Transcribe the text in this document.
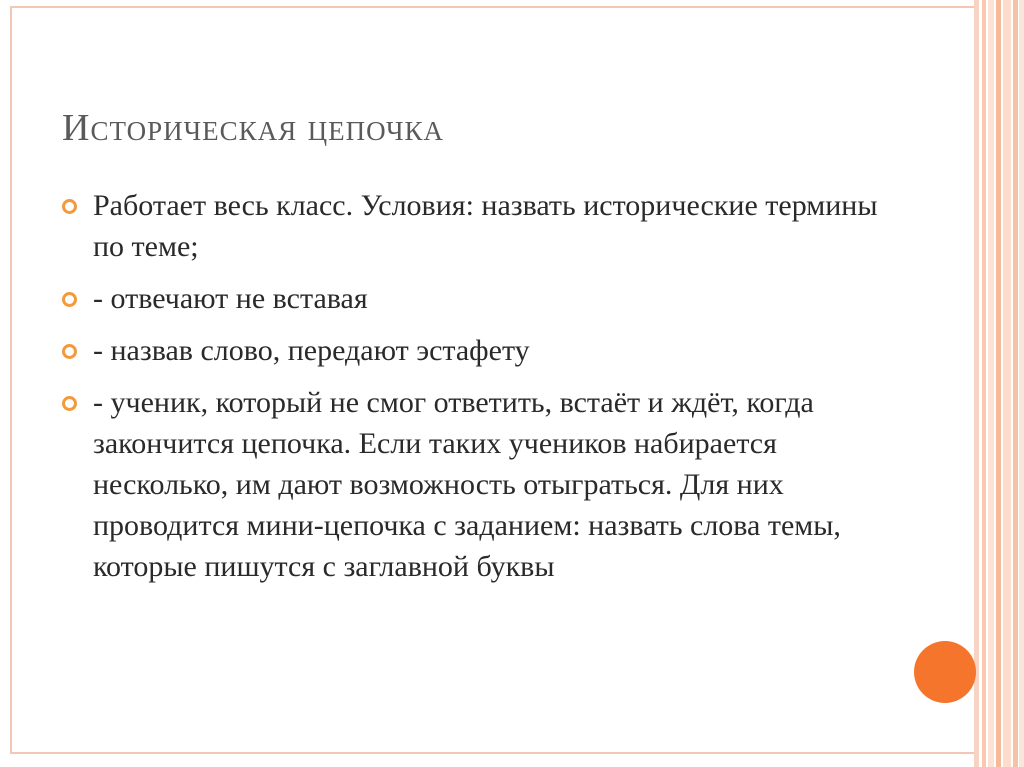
Историческая цепочка
Работает весь класс. Условия: назвать исторические термины по теме;
- отвечают не вставая
- назвав слово, передают эстафету
- ученик, который не смог ответить, встаёт и ждёт, когда закончится цепочка. Если таких учеников набирается несколько, им дают возможность отыграться. Для них проводится мини-цепочка с заданием: назвать слова темы, которые пишутся с заглавной буквы
